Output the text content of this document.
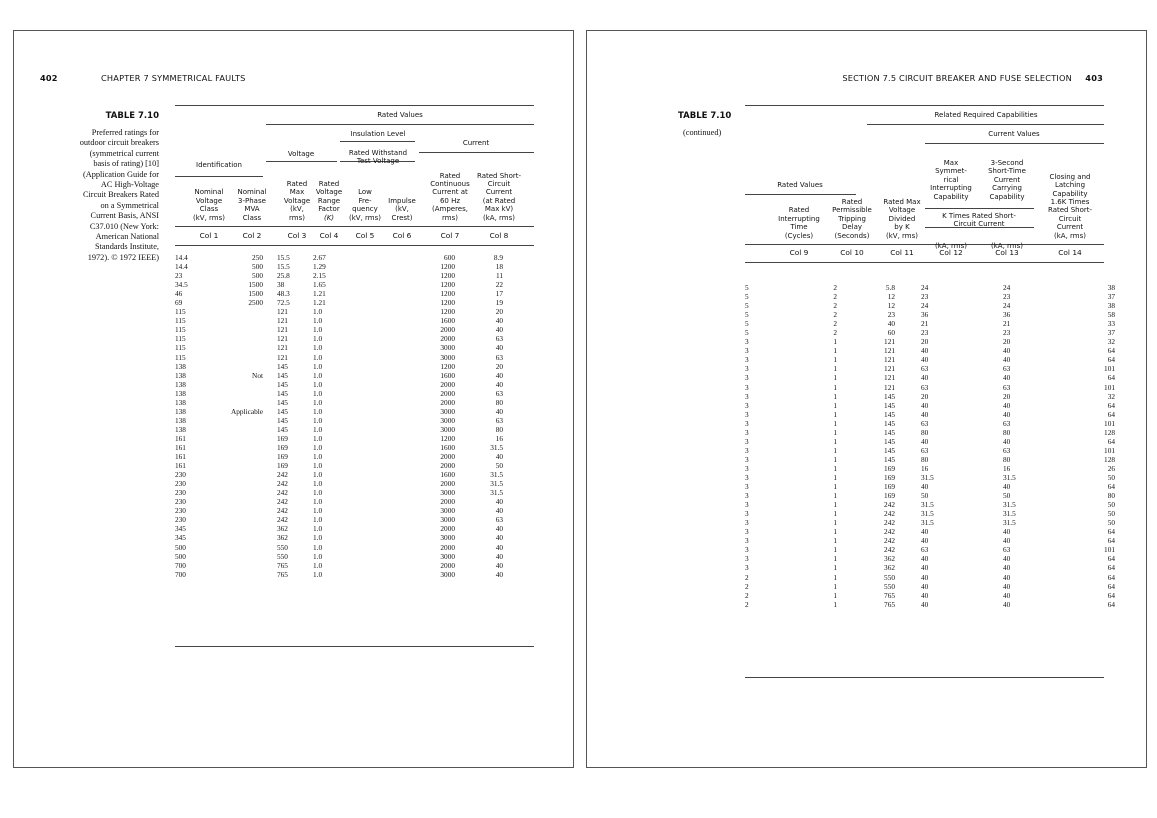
402	CHAPTER 7 SYMMETRICAL FAULTS
TABLE 7.10
Preferred ratings for
outdoor circuit breakers
(symmetrical current
basis of rating) [10]
(Application Guide for
AC High-Voltage
Circuit Breakers Rated
on a Symmetrical
Current Basis, ANSI
C37.010 (New York:
American National
Standards Institute,
1972). © 1972 IEEE)
Rated Values
Insulation Level
Identification
Voltage
Current
Rated Withstand
Test Voltage
Nominal
Voltage
Class
(kV, rms)
Nominal
3-Phase
MVA
Class
Rated
Max
Voltage
(kV,
rms)
Rated
Voltage
Range
Factor
(K)
Low
Fre-
quency
(kV, rms)
Impulse
(kV,
Crest)
Rated
Continuous
Current at
60 Hz
(Amperes,
rms)
Rated Short-
Circuit
Current
(at Rated
Max kV)
(kA, rms)
Col 1	Col 2	Col 3 Col 4 Col 5 Col 6	Col 7	Col 8
14.4	250	15.5	2.67			600	8.9
14.4	500	15.5	1.29			1200	18
23	500	25.8	2.15			1200	11
34.5	1500	38	1.65			1200	22
46	1500	48.3	1.21			1200	17
69	2500	72.5	1.21			1200	19
115		121	1.0			1200	20
115		121	1.0			1600	40
115		121	1.0			2000	40
115		121	1.0			2000	63
115		121	1.0			3000	40
115		121	1.0			3000	63
138		145	1.0			1200	20
138	Not	145	1.0			1600	40
138		145	1.0			2000	40
138		145	1.0			2000	63
138		145	1.0			2000	80
138	Applicable	145	1.0			3000	40
138		145	1.0			3000	63
138		145	1.0			3000	80
161		169	1.0			1200	16
161		169	1.0			1600	31.5
161		169	1.0			2000	40
161		169	1.0			2000	50
230		242	1.0			1600	31.5
230		242	1.0			2000	31.5
230		242	1.0			3000	31.5
230		242	1.0			2000	40
230		242	1.0			3000	40
230		242	1.0			3000	63
345		362	1.0			2000	40
345		362	1.0			3000	40
500		550	1.0			2000	40
500		550	1.0			3000	40
700		765	1.0			2000	40
700		765	1.0			3000	40
SECTION 7.5 CIRCUIT BREAKER AND FUSE SELECTION 403
TABLE 7.10
(continued)
Related Required Capabilities
Current Values
Rated Values
K Times Rated Short-
Circuit Current
(kA, rms)	(kA, rms)
Rated
Interrupting
Time
(Cycles)
Rated
Permissible
Tripping
Delay
(Seconds)
Rated Max
Voltage
Divided
by K
(kV, rms)
Max
Symmet-
rical
Interrupting
Capability
3-Second
Short-Time
Current
Carrying
Capability
Closing and
Latching
Capability
1.6K Times
Rated Short-
Circuit
Current
(kA, rms)
Col 9	Col 10	Col 11	Col 12	Col 13	Col 14
5	2	5.8	24	24	38
5	2	12	23	23	37
5	2	12	24	24	38
5	2	23	36	36	58
5	2	40	21	21	33
5	2	60	23	23	37
3	1	121	20	20	32
3	1	121	40	40	64
3	1	121	40	40	64
3	1	121	63	63	101
3	1	121	40	40	64
3	1	121	63	63	101
3	1	145	20	20	32
3	1	145	40	40	64
3	1	145	40	40	64
3	1	145	63	63	101
3	1	145	80	80	128
3	1	145	40	40	64
3	1	145	63	63	101
3	1	145	80	80	128
3	1	169	16	16	26
3	1	169	31.5	31.5	50
3	1	169	40	40	64
3	1	169	50	50	80
3	1	242	31.5	31.5	50
3	1	242	31.5	31.5	50
3	1	242	31.5	31.5	50
3	1	242	40	40	64
3	1	242	40	40	64
3	1	242	63	63	101
3	1	362	40	40	64
3	1	362	40	40	64
2	1	550	40	40	64
2	1	550	40	40	64
2	1	765	40	40	64
2	1	765	40	40	64
